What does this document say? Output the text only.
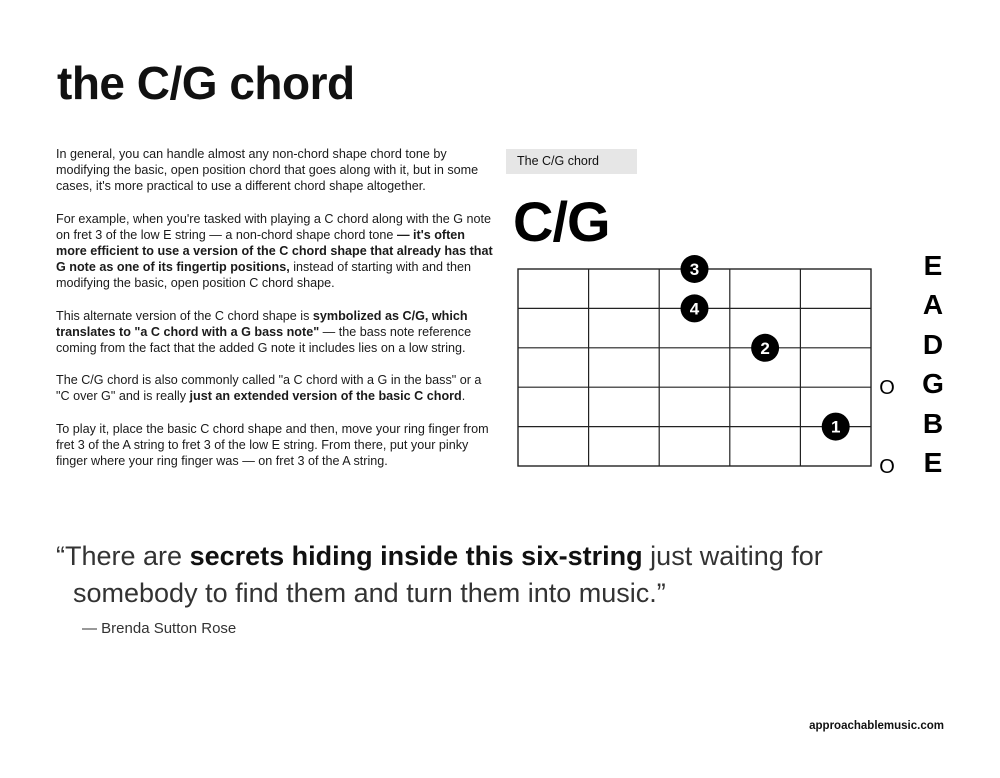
the C/G chord

In general, you can handle almost any non-chord shape chord tone by modifying the basic, open position chord that goes along with it, but in some cases, it's more practical to use a different chord shape altogether.

For example, when you're tasked with playing a C chord along with the G note on fret 3 of the low E string — a non-chord shape chord tone — it's often more efficient to use a version of the C chord shape that already has that G note as one of its fingertip positions, instead of starting with and then modifying the basic, open position C chord shape.

This alternate version of the C chord shape is symbolized as C/G, which translates to "a C chord with a G bass note" — the bass note reference coming from the fact that the added G note it includes lies on a low string.

The C/G chord is also commonly called "a C chord with a G in the bass" or a "C over G" and is really just an extended version of the basic C chord.

To play it, place the basic C chord shape and then, move your ring finger from fret 3 of the A string to fret 3 of the low E string. From there, put your pinky finger where your ring finger was — on fret 3 of the A string.

The C/G chord
C/G
O
O
3
4
2
1
E
A
D
G
B
E
“There are secrets hiding inside this six-string just waiting for
somebody to find them and turn them into music.”
— Brenda Sutton Rose
approachablemusic.com
